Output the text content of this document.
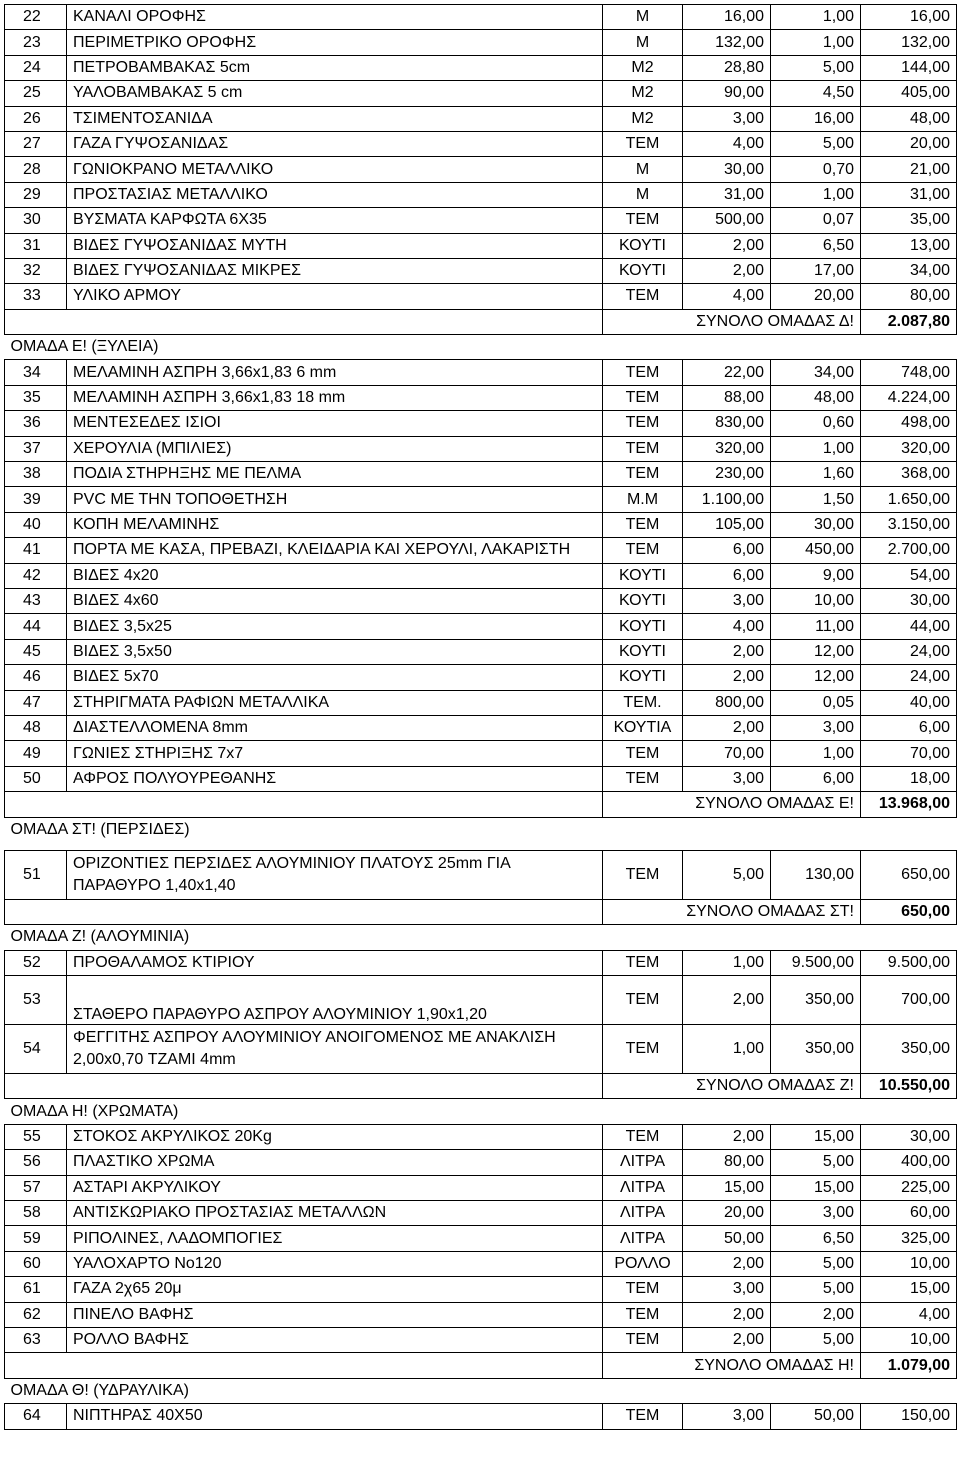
22	ΚΑΝΑΛΙ ΟΡΟΦΗΣ	Μ	16,00	1,00	16,00
23	ΠΕΡΙΜΕΤΡΙΚΟ ΟΡΟΦΗΣ	Μ	132,00	1,00	132,00
24	ΠΕΤΡΟΒΑΜΒΑΚΑΣ 5cm	Μ2	28,80	5,00	144,00
25	ΥΑΛΟΒΑΜΒΑΚΑΣ 5 cm	Μ2	90,00	4,50	405,00
26	ΤΣΙΜΕΝΤΟΣΑΝΙΔΑ	Μ2	3,00	16,00	48,00
27	ΓΑΖΑ ΓΥΨΟΣΑΝΙΔΑΣ	ΤΕΜ	4,00	5,00	20,00
28	ΓΩΝΙΟΚΡΑΝΟ ΜΕΤΑΛΛΙΚΟ	Μ	30,00	0,70	21,00
29	ΠΡΟΣΤΑΣΙΑΣ ΜΕΤΑΛΛΙΚΟ	Μ	31,00	1,00	31,00
30	ΒΥΣΜΑΤΑ ΚΑΡΦΩΤΑ 6Χ35	ΤΕΜ	500,00	0,07	35,00
31	ΒΙΔΕΣ ΓΥΨΟΣΑΝΙΔΑΣ ΜΥΤΗ	ΚΟΥΤΙ	2,00	6,50	13,00
32	ΒΙΔΕΣ ΓΥΨΟΣΑΝΙΔΑΣ ΜΙΚΡΕΣ	ΚΟΥΤΙ	2,00	17,00	34,00
33	ΥΛΙΚΟ ΑΡΜΟΥ	ΤΕΜ	4,00	20,00	80,00
		ΣΥΝΟΛΟ ΟΜΑΔΑΣ Δ!			2.087,80
ΟΜΑΔΑ Ε! (ΞΥΛΕΙΑ)					
34	ΜΕΛΑΜΙΝΗ ΑΣΠΡΗ 3,66x1,83 6 mm	ΤΕΜ	22,00	34,00	748,00
35	ΜΕΛΑΜΙΝΗ ΑΣΠΡΗ 3,66x1,83 18 mm	ΤΕΜ	88,00	48,00	4.224,00
36	ΜΕΝΤΕΣΕΔΕΣ ΙΣΙΟΙ	ΤΕΜ	830,00	0,60	498,00
37	ΧΕΡΟΥΛΙΑ (ΜΠΙΛΙΕΣ)	ΤΕΜ	320,00	1,00	320,00
38	ΠΟΔΙΑ ΣΤΗΡΗΞΗΣ ΜΕ ΠΕΛΜΑ	ΤΕΜ	230,00	1,60	368,00
39	PVC ΜΕ ΤΗΝ ΤΟΠΟΘΕΤΗΣΗ	Μ.Μ	1.100,00	1,50	1.650,00
40	ΚΟΠΗ ΜΕΛΑΜΙΝΗΣ	ΤΕΜ	105,00	30,00	3.150,00
41	ΠΟΡΤΑ ΜΕ ΚΑΣΑ, ΠΡΕΒΑΖΙ, ΚΛΕΙΔΑΡΙΑ ΚΑΙ ΧΕΡΟΥΛΙ, ΛΑΚΑΡΙΣΤΗ	ΤΕΜ	6,00	450,00	2.700,00
42	ΒΙΔΕΣ 4x20	ΚΟΥΤΙ	6,00	9,00	54,00
43	ΒΙΔΕΣ 4x60	ΚΟΥΤΙ	3,00	10,00	30,00
44	ΒΙΔΕΣ 3,5x25	ΚΟΥΤΙ	4,00	11,00	44,00
45	ΒΙΔΕΣ 3,5x50	ΚΟΥΤΙ	2,00	12,00	24,00
46	ΒΙΔΕΣ 5x70	ΚΟΥΤΙ	2,00	12,00	24,00
47	ΣΤΗΡΙΓΜΑΤΑ ΡΑΦΙΩΝ ΜΕΤΑΛΛΙΚΑ	ΤΕΜ.	800,00	0,05	40,00
48	ΔΙΑΣΤΕΛΛΟΜΕΝΑ 8mm	ΚΟΥΤΙΑ	2,00	3,00	6,00
49	ΓΩΝΙΕΣ ΣΤΗΡΙΞΗΣ 7x7	ΤΕΜ	70,00	1,00	70,00
50	ΑΦΡΟΣ ΠΟΛΥΟΥΡΕΘΑΝΗΣ	ΤΕΜ	3,00	6,00	18,00
		ΣΥΝΟΛΟ ΟΜΑΔΑΣ Ε!			13.968,00
ΟΜΑΔΑ ΣΤ! (ΠΕΡΣΙΔΕΣ)					

51	ΟΡΙΖΟΝΤΙΕΣ ΠΕΡΣΙΔΕΣ ΑΛΟΥΜΙΝΙΟΥ ΠΛΑΤΟΥΣ 25mm ΓΙΑ ΠΑΡΑΘΥΡΟ 1,40x1,40	ΤΕΜ	5,00	130,00	650,00
		ΣΥΝΟΛΟ ΟΜΑΔΑΣ ΣΤ!			650,00
ΟΜΑΔΑ Ζ! (ΑΛΟΥΜΙΝΙΑ)					
52	ΠΡΟΘΑΛΑΜΟΣ ΚΤΙΡΙΟΥ	ΤΕΜ	1,00	9.500,00	9.500,00
53	ΣΤΑΘΕΡΟ ΠΑΡΑΘΥΡΟ ΑΣΠΡΟΥ ΑΛΟΥΜΙΝΙΟΥ 1,90x1,20	ΤΕΜ	2,00	350,00	700,00
54	ΦΕΓΓΙΤΗΣ ΑΣΠΡΟΥ ΑΛΟΥΜΙΝΙΟΥ ΑΝΟΙΓΟΜΕΝΟΣ ΜΕ ΑΝΑΚΛΙΣΗ 2,00x0,70 ΤΖΑΜΙ 4mm	ΤΕΜ	1,00	350,00	350,00
		ΣΥΝΟΛΟ ΟΜΑΔΑΣ Ζ!			10.550,00
ΟΜΑΔΑ Η! (ΧΡΩΜΑΤΑ)					
55	ΣΤΟΚΟΣ ΑΚΡΥΛΙΚΟΣ 20Kg	ΤΕΜ	2,00	15,00	30,00
56	ΠΛΑΣΤΙΚΟ ΧΡΩΜΑ	ΛΙΤΡΑ	80,00	5,00	400,00
57	ΑΣΤΑΡΙ ΑΚΡΥΛΙΚΟΥ	ΛΙΤΡΑ	15,00	15,00	225,00
58	ΑΝΤΙΣΚΩΡΙΑΚΟ ΠΡΟΣΤΑΣΙΑΣ ΜΕΤΑΛΛΩΝ	ΛΙΤΡΑ	20,00	3,00	60,00
59	ΡΙΠΟΛΙΝΕΣ, ΛΑΔΟΜΠΟΓΙΕΣ	ΛΙΤΡΑ	50,00	6,50	325,00
60	ΥΑΛΟΧΑΡΤΟ Νο120	ΡΟΛΛΟ	2,00	5,00	10,00
61	ΓΑΖΑ 2χ65 20μ	ΤΕΜ	3,00	5,00	15,00
62	ΠΙΝΕΛΟ ΒΑΦΗΣ	ΤΕΜ	2,00	2,00	4,00
63	ΡΟΛΛΟ ΒΑΦΗΣ	ΤΕΜ	2,00	5,00	10,00
		ΣΥΝΟΛΟ ΟΜΑΔΑΣ Η!			1.079,00
ΟΜΑΔΑ Θ! (ΥΔΡΑΥΛΙΚΑ)					
64	ΝΙΠΤΗΡΑΣ 40Χ50	ΤΕΜ	3,00	50,00	150,00
